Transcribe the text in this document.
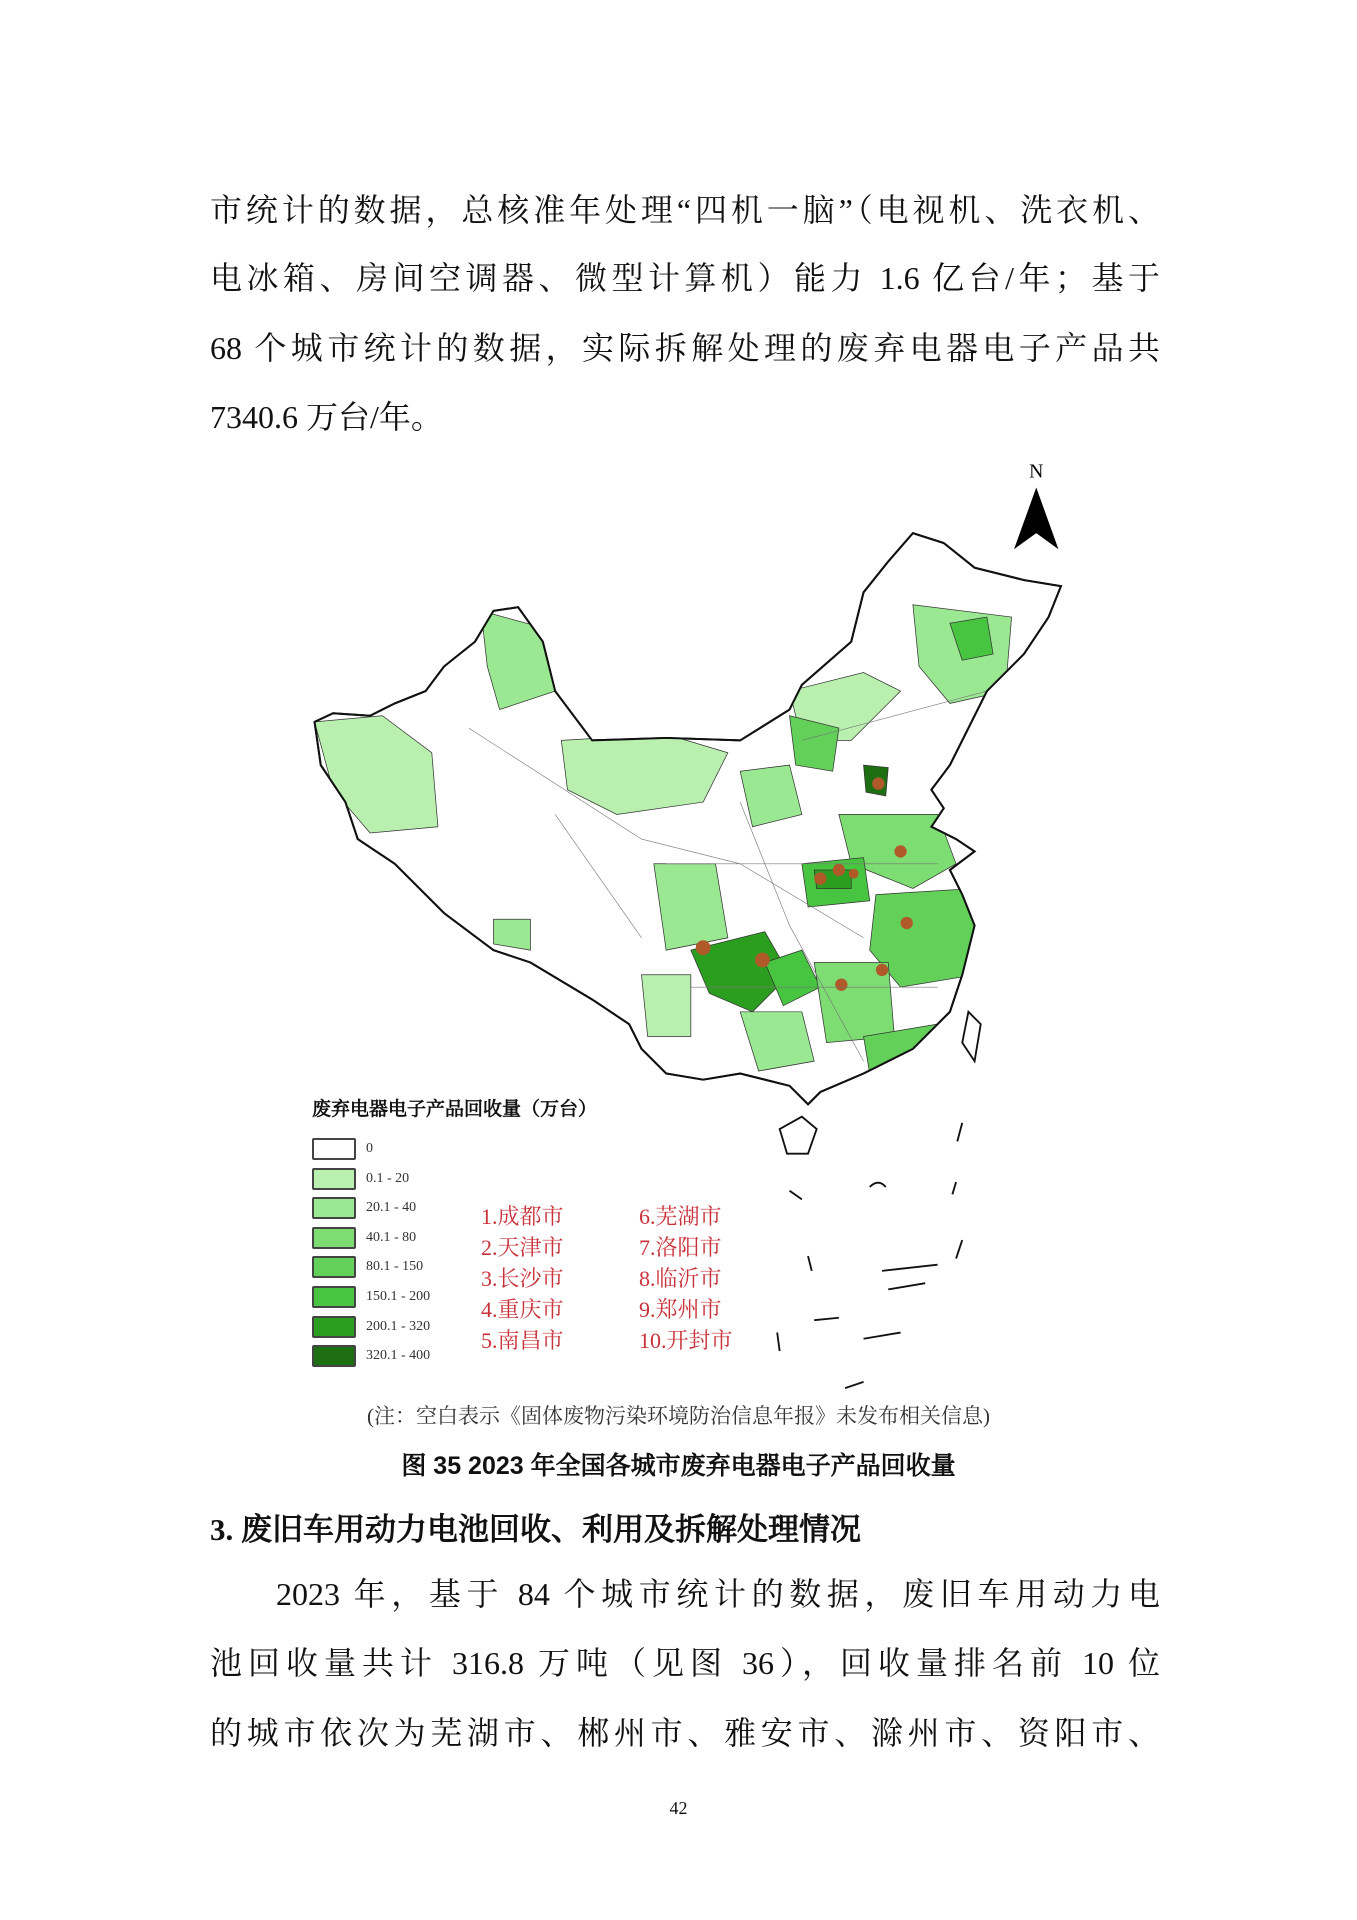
市统计的数据，总核准年处理“四机一脑”（电视机、洗衣机、
电冰箱、房间空调器、微型计算机）能力 1.6 亿台/年；基于
68 个城市统计的数据，实际拆解处理的废弃电器电子产品共
7340.6 万台/年。
N
废弃电器电子产品回收量（万台）
0
0.1 - 20
20.1 - 40
40.1 - 80
80.1 - 150
150.1 - 200
200.1 - 320
320.1 - 400
1.成都市
2.天津市
3.长沙市
4.重庆市
5.南昌市
6.芜湖市
7.洛阳市
8.临沂市
9.郑州市
10.开封市
(注：空白表示《固体废物污染环境防治信息年报》未发布相关信息)
图 35 2023 年全国各城市废弃电器电子产品回收量
3. 废旧车用动力电池回收、利用及拆解处理情况
2023 年，基于 84 个城市统计的数据，废旧车用动力电
池回收量共计 316.8 万吨（见图 36），回收量排名前 10 位
的城市依次为芜湖市、郴州市、雅安市、滁州市、资阳市、
42
